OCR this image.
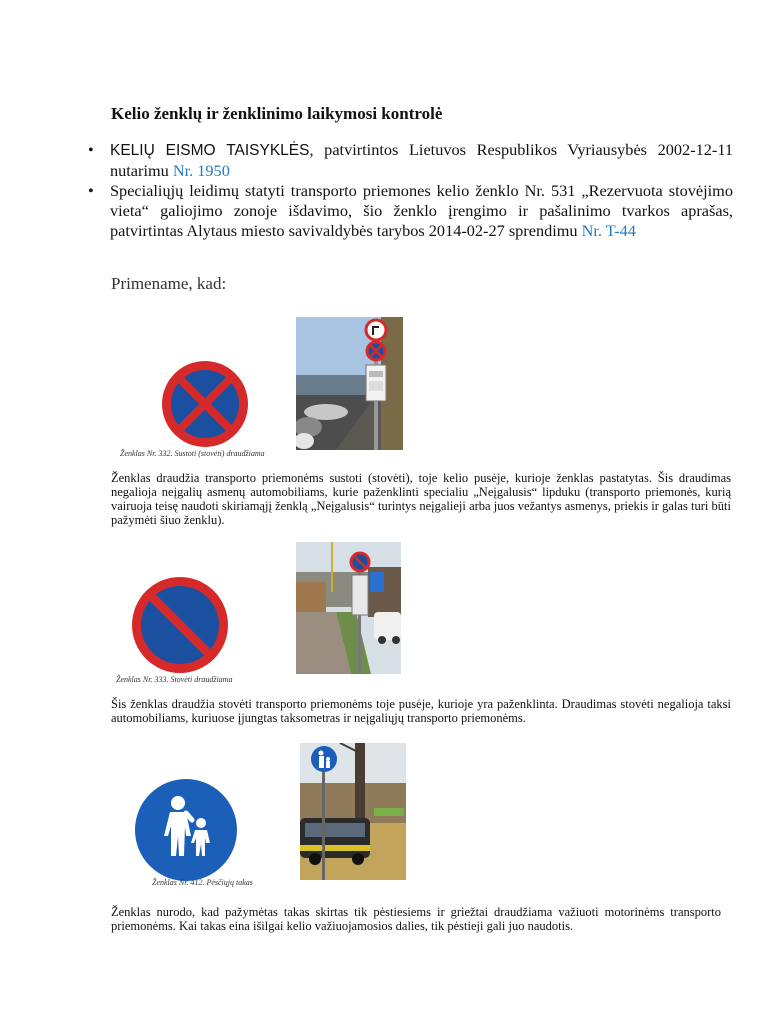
Kelio ženklų ir ženklinimo laikymosi kontrolė
• KELIŲ EISMO TAISYKLĖS, patvirtintos Lietuvos Respublikos Vyriausybės 2002-12-11 nutarimu Nr. 1950
• Specialiųjų leidimų statyti transporto priemones kelio ženklo Nr. 531 „Rezervuota stovėjimo vieta“ galiojimo zonoje išdavimo, šio ženklo įrengimo ir pašalinimo tvarkos aprašas, patvirtintas Alytaus miesto savivaldybės tarybos 2014-02-27 sprendimu Nr. T-44
Primename, kad:
Ženklas Nr. 332. Sustoti (stovėti) draudžiama
Ženklas draudžia transporto priemonėms sustoti (stovėti), toje kelio pusėje, kurioje ženklas pastatytas. Šis draudimas negalioja neįgalių asmenų automobiliams, kurie paženklinti specialiu „Neįgalusis“ lipduku (transporto priemonės, kurią vairuoja teisę naudoti skiriamąjį ženklą „Neįgalusis“ turintys neįgalieji arba juos vežantys asmenys, priekis ir galas turi būti pažymėti šiuo ženklu).
Ženklas Nr. 333. Stovėti draudžiama
Šis ženklas draudžia stovėti transporto priemonėms toje pusėje, kurioje yra paženklinta. Draudimas stovėti negalioja taksi automobiliams, kuriuose įjungtas taksometras ir neįgaliųjų transporto priemonėms.
Ženklas Nr. 412. Pėsčiųjų takas
Ženklas nurodo, kad pažymėtas takas skirtas tik pėstiesiems ir griežtai draudžiama važiuoti motorinėms transporto priemonėms. Kai takas eina išilgai kelio važiuojamosios dalies, tik pėstieji gali juo naudotis.
